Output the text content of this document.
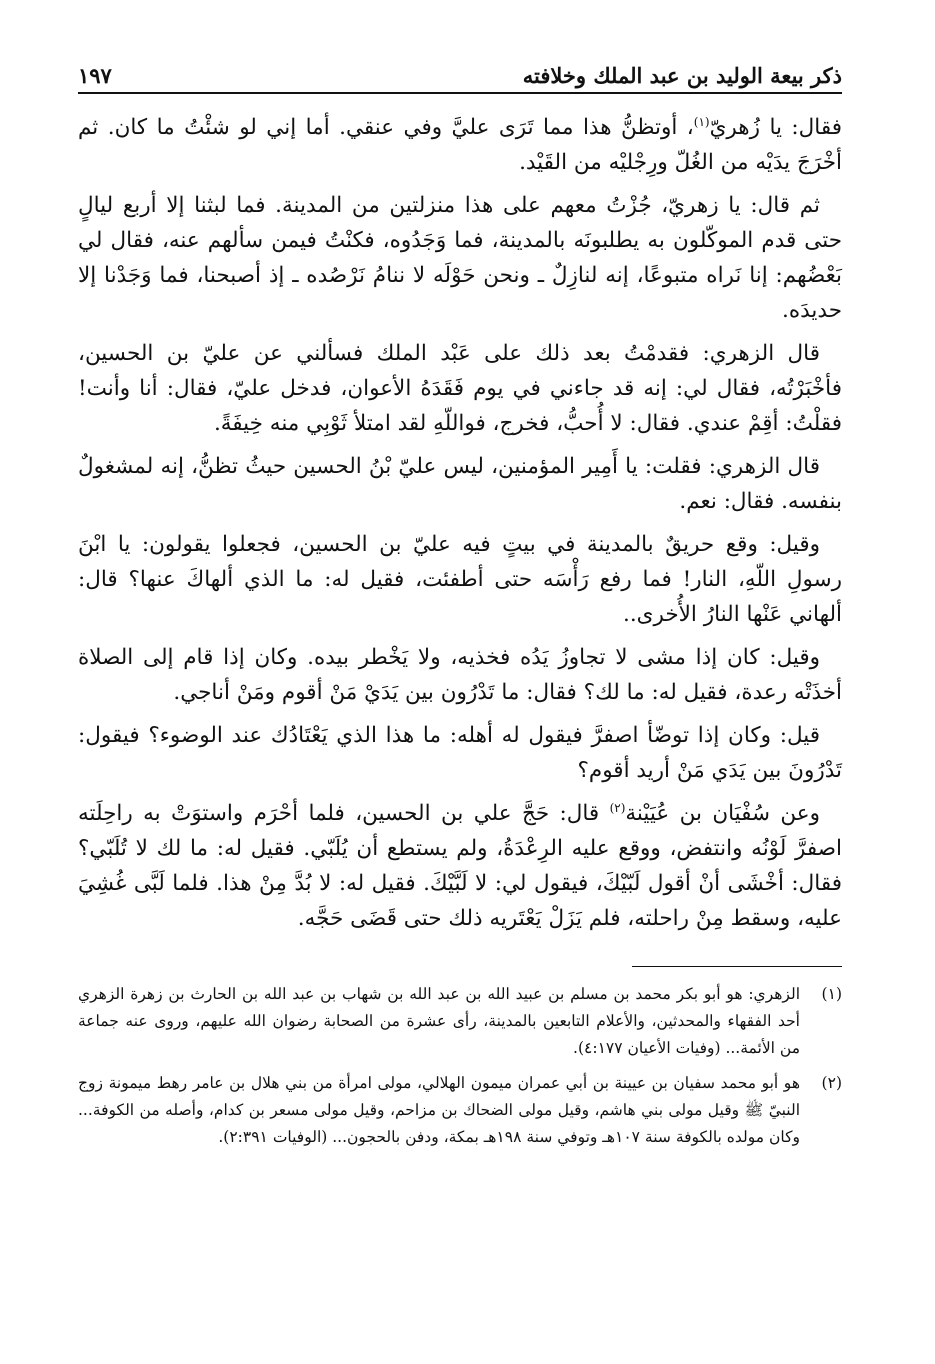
ذكر بيعة الوليد بن عبد الملك وخلافته
١٩٧

فقال: يا زُهريّ$^{(١)}$، أوتظنُّ هذا مما تَرَى عليَّ وفي عنقي. أما إني لو شئْتُ ما كان. ثم أخْرَجَ يدَيْه من الغُلّ ورِجْليْه من القَيْد.

ثم قال: يا زهريّ، جُزْتُ معهم على هذا منزلتين من المدينة. فما لبثنا إلا أربع ليالٍ حتى قدم الموكّلون به يطلبونَه بالمدينة، فما وَجَدُوه، فكنْتُ فيمن سألهم عنه، فقال لي بَعْضُهم: إنا نَراه متبوعًا، إنه لنازِلٌ ـ ونحن حَوْلَه لا ننامُ نَرْصُده ـ إذ أصبحنا، فما وَجَدْنا إلا حديدَه.

قال الزهري: فقدمْتُ بعد ذلك على عَبْد الملك فسألني عن عليّ بن الحسين، فأخْبَرْتُه، فقال لي: إنه قد جاءني في يوم فَقَدَهُ الأعوان، فدخل عليّ، فقال: أنا وأنت! فقلْتُ: أقِمْ عندي. فقال: لا أُحبُّ، فخرج، فواللّهِ لقد امتلأ ثَوْبِي منه خِيفَةً.

قال الزهري: فقلت: يا أَمِير المؤمنين، ليس عليّ بْنُ الحسين حيثُ تظنُّ، إنه لمشغولٌ بنفسه. فقال: نعم.

وقيل: وقع حريقٌ بالمدينة في بيتٍ فيه عليّ بن الحسين، فجعلوا يقولون: يا ابْنَ رسولِ اللّهِ، النار! فما رفع رَأْسَه حتى أطفئت، فقيل له: ما الذي ألهاكَ عنها؟ قال: ألهاني عَنْها النارُ الأُخرى..

وقيل: كان إذا مشى لا تجاوزُ يَدُه فخذيه، ولا يَخْطر بيده. وكان إذا قام إلى الصلاة أخذَتْه رعدة، فقيل له: ما لك؟ فقال: ما تَدْرُون بين يَدَيْ مَنْ أقوم ومَنْ أناجي.

قيل: وكان إذا توضّأ اصفرَّ فيقول له أهله: ما هذا الذي يَعْتَادُك عند الوضوء؟ فيقول: تَدْرُونَ بين يَدَي مَنْ أريد أقوم؟

وعن سُفْيَان بن عُيَيْنة$^{(٢)}$ قال: حَجَّ علي بن الحسين، فلما أحْرَم واستوَتْ به راحِلَته اصفرَّ لَوْنُه وانتفض، ووقع عليه الرِعْدَةُ، ولم يستطع أن يُلَبّي. فقيل له: ما لك لا تُلَبّي؟ فقال: أخْشَى أنْ أقول لَبّيْكَ، فيقول لي: لا لَبَّيْكَ. فقيل له: لا بُدَّ مِنْ هذا. فلما لَبَّى غُشِيَ عليه، وسقط مِنْ راحلته، فلم يَزَلْ يَعْتَريه ذلك حتى قَضَى حَجَّه.

(١)
الزهري: هو أبو بكر محمد بن مسلم بن عبيد الله بن عبد الله بن شهاب بن عبد الله بن الحارث بن زهرة الزهري أحد الفقهاء والمحدثين، والأعلام التابعين بالمدينة، رأى عشرة من الصحابة رضوان الله عليهم، وروى عنه جماعة من الأئمة... (وفيات الأعيان ٤:١٧٧).
(٢)
هو أبو محمد سفيان بن عيينة بن أبي عمران ميمون الهلالي، مولى امرأة من بني هلال بن عامر رهط ميمونة زوج النبيّ ﷺ وقيل مولى بني هاشم، وقيل مولى الضحاك بن مزاحم، وقيل مولى مسعر بن كدام، وأصله من الكوفة... وكان مولده بالكوفة سنة ١٠٧هـ وتوفي سنة ١٩٨هـ بمكة، ودفن بالحجون... (الوفيات ٢:٣٩١).
